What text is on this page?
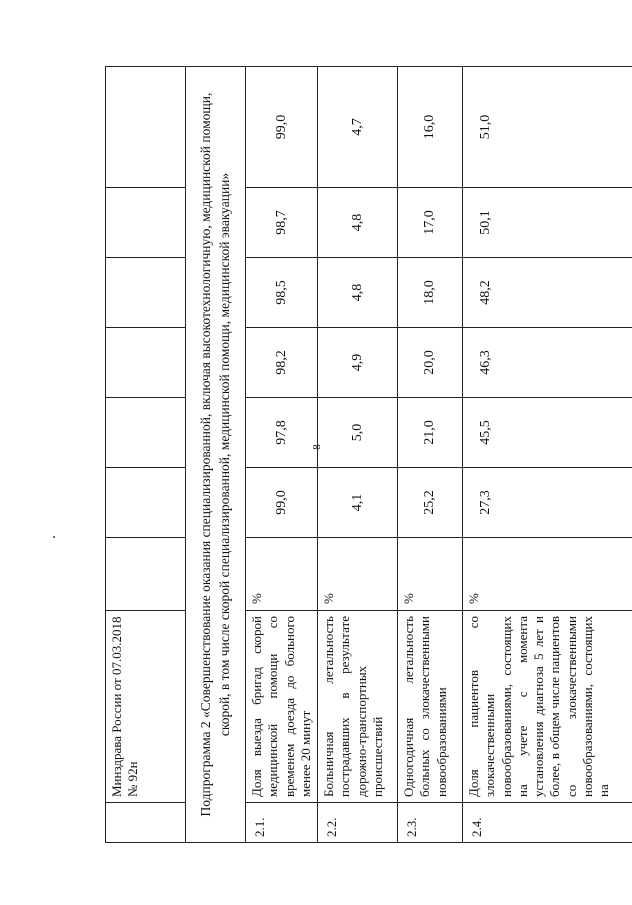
8

	Минздрава России от 07.03.2018 № 92н							

Подпрограмма 2 «Совершенствование оказания специализированной, включая высокотехнологичную, медицинской помощи, скорой, в том числе скорой специализированной, медицинской помощи, медицинской эвакуации»								
2.1.	Доля выезда бригад скорой медицинской помощи со временем доезда до больного менее 20 минут	%	99,0	97,8	98,2	98,5	98,7	99,0
2.2.	Больничная летальность пострадавших в результате дорожно-транспортных происшествий	%	4,1	5,0	4,9	4,8	4,8	4,7
2.3.	Одногодичная летальность больных со злокачественными новообразованиями	%	25,2	21,0	20,0	18,0	17,0	16,0
2.4.	Доля пациентов со злокачественными новообразованиями, состоящих на учете с момента установления диагноза 5 лет и более, в общем числе пациентов со злокачественными новообразованиями, состоящих на	%	27,3	45,5	46,3	48,2	50,1	51,0
